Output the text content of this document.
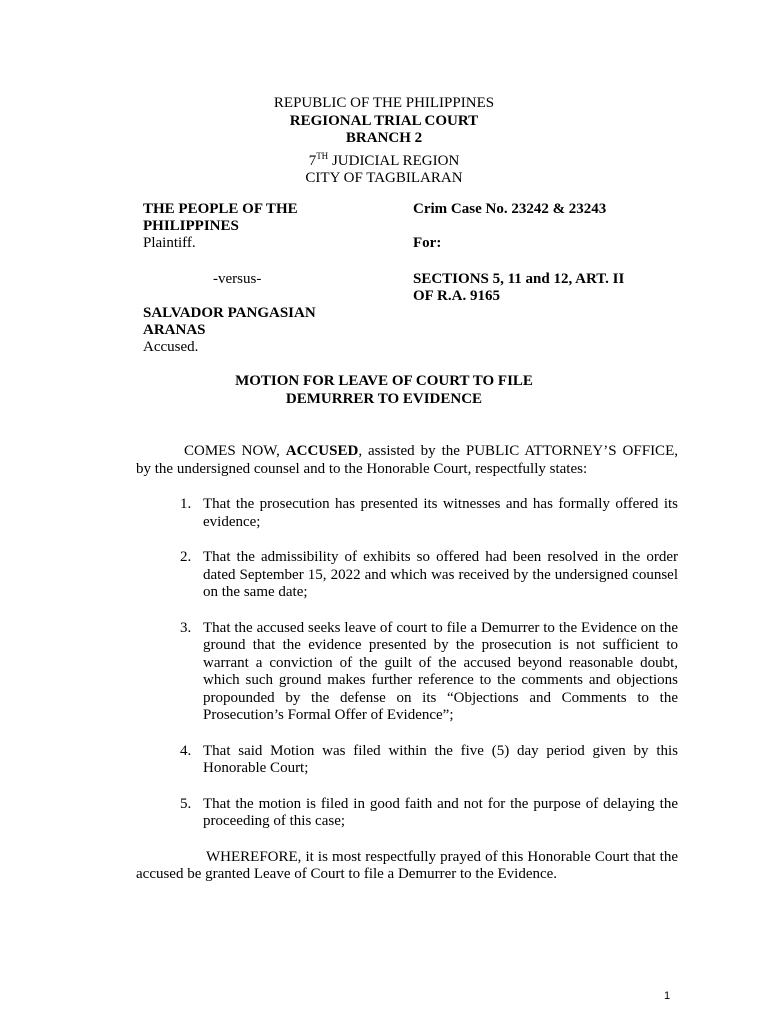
REPUBLIC OF THE PHILIPPINES
REGIONAL TRIAL COURT
BRANCH 2
7TH JUDICIAL REGION
CITY OF TAGBILARAN
THE PEOPLE OF THE
PHILIPPINES
Plaintiff.
-versus-
SALVADOR PANGASIAN
ARANAS
Accused.
Crim Case No. 23242 & 23243
For:
SECTIONS 5, 11 and 12, ART. II
OF R.A. 9165
MOTION FOR LEAVE OF COURT TO FILE
DEMURRER TO EVIDENCE

COMES NOW, ACCUSED, assisted by the PUBLIC ATTORNEY’S OFFICE, by the undersigned counsel and to the Honorable Court, respectfully states:

1. That the prosecution has presented its witnesses and has formally offered its evidence;
2. That the admissibility of exhibits so offered had been resolved in the order dated September 15, 2022 and which was received by the undersigned counsel on the same date;
3. That the accused seeks leave of court to file a Demurrer to the Evidence on the ground that the evidence presented by the prosecution is not sufficient to warrant a conviction of the guilt of the accused beyond reasonable doubt, which such ground makes further reference to the comments and objections propounded by the defense on its “Objections and Comments to the Prosecution’s Formal Offer of Evidence”;
4. That said Motion was filed within the five (5) day period given by this Honorable Court;
5. That the motion is filed in good faith and not for the purpose of delaying the proceeding of this case;

WHEREFORE, it is most respectfully prayed of this Honorable Court that the accused be granted Leave of Court to file a Demurrer to the Evidence.

1
